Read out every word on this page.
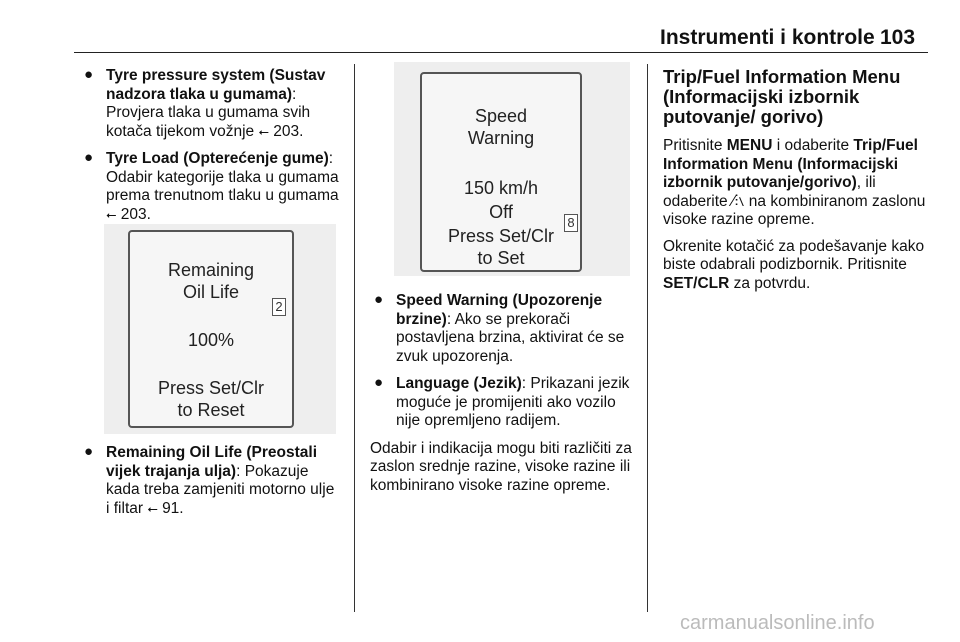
Instrumenti i kontrole 103
● Tyre pressure system (Sustav nadzora tlaka u gumama): Provjera tlaka u gumama svih kotača tijekom vožnje ⭠ 203.
● Tyre Load (Opterećenje gume): Odabir kategorije tlaka u gumama prema trenutnom tlaku u gumama ⭠ 203.
Remaining
Oil Life
100%
Press Set/Clr
to Reset
2
● Remaining Oil Life (Preostali vijek trajanja ulja): Pokazuje kada treba zamjeniti motorno ulje i filtar ⭠ 91.
Speed
Warning
150 km/h
Off
Press Set/Clr
to Set
8
● Speed Warning (Upozorenje brzine): Ako se prekorači postavljena brzina, aktivirat će se zvuk upozorenja.
● Language (Jezik): Prikazani jezik moguće je promijeniti ako vozilo nije opremljeno radijem.

Odabir i indikacija mogu biti različiti za zaslon srednje razine, visoke razine ili kombinirano visoke razine opreme.

Trip/Fuel Information Menu (Informacijski izbornik putovanje/ gorivo)

Pritisnite MENU i odaberite Trip/Fuel Information Menu (Informacijski izbornik putovanje/gorivo), ili odaberite ∕⫶∖ na kombiniranom zaslonu visoke razine opreme.

Okrenite kotačić za podešavanje kako biste odabrali podizbornik. Pritisnite SET/CLR za potvrdu.

carmanualsonline.info
